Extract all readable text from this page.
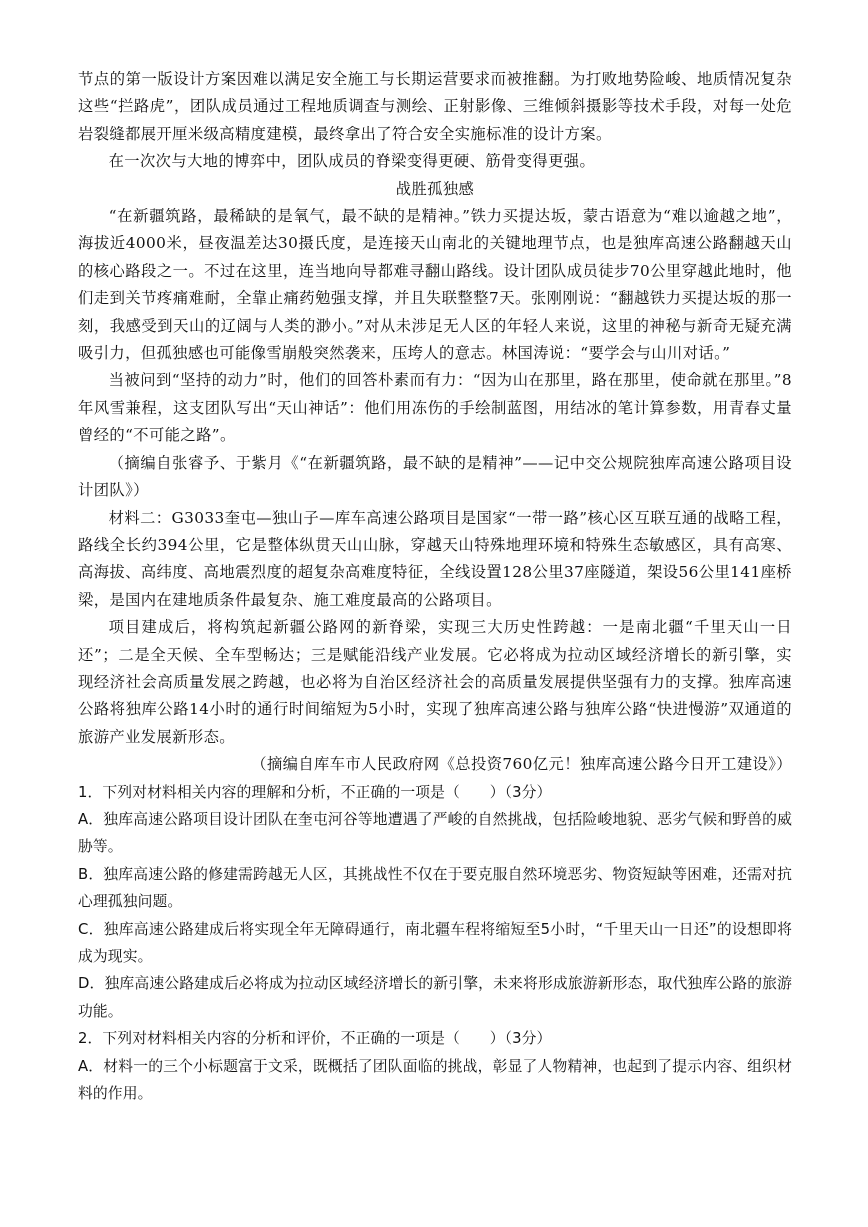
节点的第一版设计方案因难以满足安全施工与长期运营要求而被推翻。为打败地势险峻、地质情况复杂这些“拦路虎”，团队成员通过工程地质调查与测绘、正射影像、三维倾斜摄影等技术手段，对每一处危岩裂缝都展开厘米级高精度建模，最终拿出了符合安全实施标准的设计方案。

在一次次与大地的博弈中，团队成员的脊梁变得更硬、筋骨变得更强。

战胜孤独感

“在新疆筑路，最稀缺的是氧气，最不缺的是精神。”铁力买提达坂，蒙古语意为“难以逾越之地”，海拔近4000米，昼夜温差达30摄氏度，是连接天山南北的关键地理节点，也是独库高速公路翻越天山的核心路段之一。不过在这里，连当地向导都难寻翻山路线。设计团队成员徒步70公里穿越此地时，他们走到关节疼痛难耐，全靠止痛药勉强支撑，并且失联整整7天。张刚刚说：“翻越铁力买提达坂的那一刻，我感受到天山的辽阔与人类的渺小。”对从未涉足无人区的年轻人来说，这里的神秘与新奇无疑充满吸引力，但孤独感也可能像雪崩般突然袭来，压垮人的意志。林国涛说：“要学会与山川对话。”

当被问到“坚持的动力”时，他们的回答朴素而有力：“因为山在那里，路在那里，使命就在那里。”8年风雪兼程，这支团队写出“天山神话”：他们用冻伤的手绘制蓝图，用结冰的笔计算参数，用青春丈量曾经的“不可能之路”。

（摘编自张睿予、于紫月《“在新疆筑路，最不缺的是精神”——记中交公规院独库高速公路项目设计团队》）

材料二：G3033奎屯—独山子—库车高速公路项目是国家“一带一路”核心区互联互通的战略工程，路线全长约394公里，它是整体纵贯天山山脉，穿越天山特殊地理环境和特殊生态敏感区，具有高寒、高海拔、高纬度、高地震烈度的超复杂高难度特征，全线设置128公里37座隧道，架设56公里141座桥梁，是国内在建地质条件最复杂、施工难度最高的公路项目。

项目建成后，将构筑起新疆公路网的新脊梁，实现三大历史性跨越：一是南北疆“千里天山一日还”；二是全天候、全车型畅达；三是赋能沿线产业发展。它必将成为拉动区域经济增长的新引擎，实现经济社会高质量发展之跨越，也必将为自治区经济社会的高质量发展提供坚强有力的支撑。独库高速公路将独库公路14小时的通行时间缩短为5小时，实现了独库高速公路与独库公路“快进慢游”双通道的旅游产业发展新形态。

（摘编自库车市人民政府网《总投资760亿元！独库高速公路今日开工建设》）

1．下列对材料相关内容的理解和分析，不正确的一项是（　　）（3分）

A．独库高速公路项目设计团队在奎屯河谷等地遭遇了严峻的自然挑战，包括险峻地貌、恶劣气候和野兽的威胁等。

B．独库高速公路的修建需跨越无人区，其挑战性不仅在于要克服自然环境恶劣、物资短缺等困难，还需对抗心理孤独问题。

C．独库高速公路建成后将实现全年无障碍通行，南北疆车程将缩短至5小时，“千里天山一日还”的设想即将成为现实。

D．独库高速公路建成后必将成为拉动区域经济增长的新引擎，未来将形成旅游新形态，取代独库公路的旅游功能。

2．下列对材料相关内容的分析和评价，不正确的一项是（　　）（3分）

A．材料一的三个小标题富于文采，既概括了团队面临的挑战，彰显了人物精神，也起到了提示内容、组织材料的作用。
